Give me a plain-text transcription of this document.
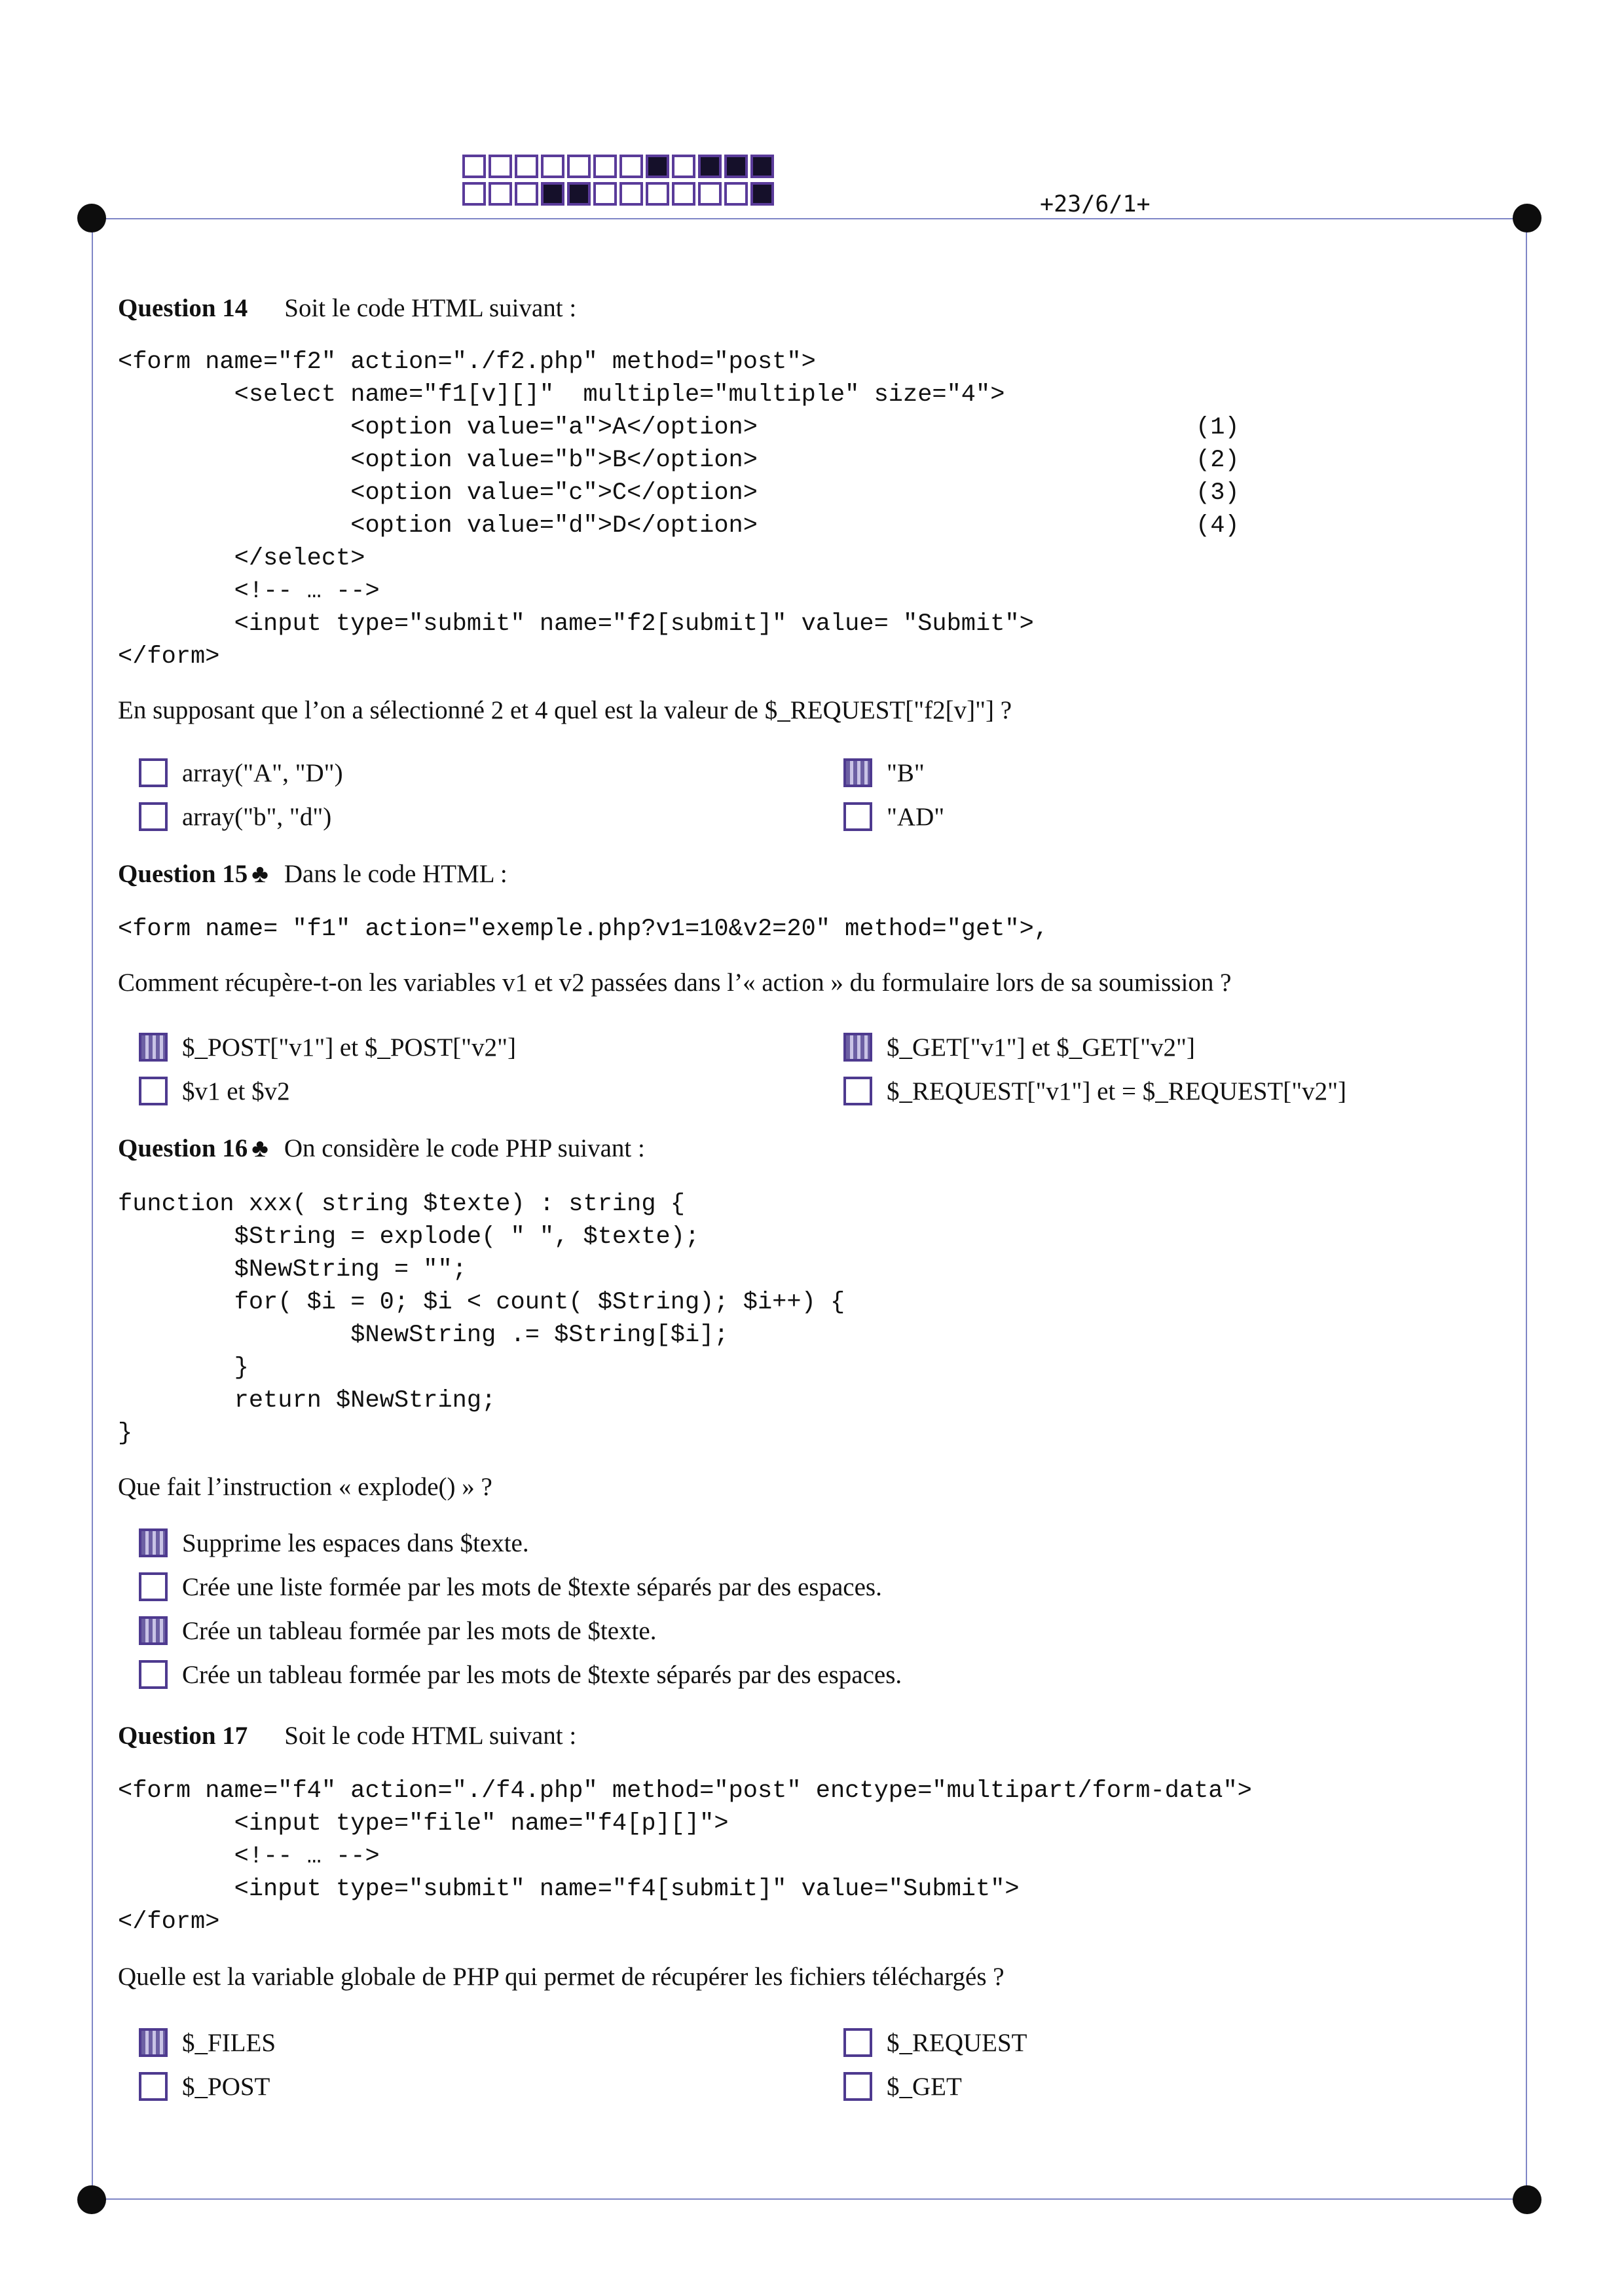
+23/6/1+
Question 14 Soit le code HTML suivant :
<form name="f2" action="./f2.php" method="post">
<select name="f1[v][]"  multiple="multiple" size="4">
<option value="a">A</option>
<option value="b">B</option>
<option value="c">C</option>
<option value="d">D</option>
</select>
<!-- … -->
<input type="submit" name="f2[submit]" value= "Submit">
</form>
(1)
(2)
(3)
(4)
En supposant que l’on a sélectionné 2 et 4 quel est la valeur de $_REQUEST["f2[v]"] ?
array("A", "D")	"B"
array("b", "d")	"AD"
Question 15 ♣ Dans le code HTML :
<form name= "f1" action="exemple.php?v1=10&v2=20" method="get">,
Comment récupère-t-on les variables v1 et v2 passées dans l’« action » du formulaire lors de sa soumission ?
$_POST["v1"] et $_POST["v2"]	$_GET["v1"] et $_GET["v2"]
$v1 et $v2	$_REQUEST["v1"] et = $_REQUEST["v2"]
Question 16 ♣ On considère le code PHP suivant :
function xxx( string $texte) : string {
$String = explode( " ", $texte);
$NewString = "";
for( $i = 0; $i < count( $String); $i++) {
$NewString .= $String[$i];
}
return $NewString;
}
Que fait l’instruction « explode() » ?
Supprime les espaces dans $texte.
Crée une liste formée par les mots de $texte séparés par des espaces.
Crée un tableau formée par les mots de $texte.
Crée un tableau formée par les mots de $texte séparés par des espaces.
Question 17 Soit le code HTML suivant :
<form name="f4" action="./f4.php" method="post" enctype="multipart/form-data">
<input type="file" name="f4[p][]">
<!-- … -->
<input type="submit" name="f4[submit]" value="Submit">
</form>
Quelle est la variable globale de PHP qui permet de récupérer les fichiers téléchargés ?
$_FILES	$_REQUEST
$_POST	$_GET
